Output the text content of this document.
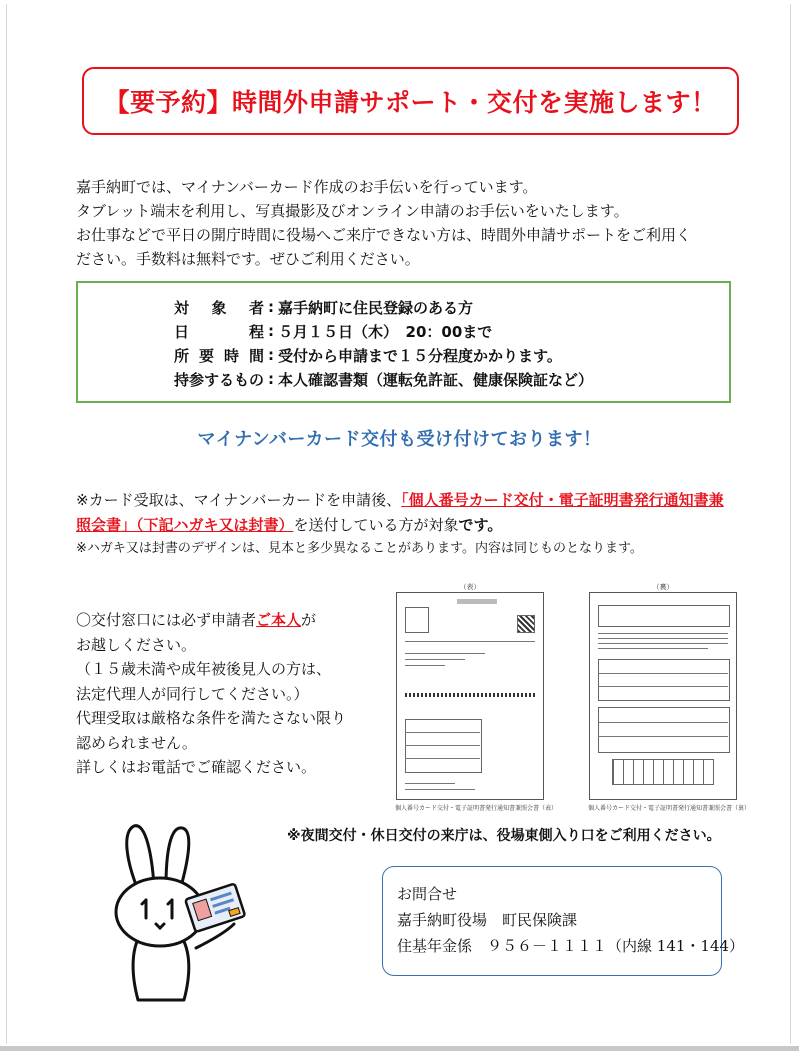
【要予約】時間外申請サポート・交付を実施します！
嘉手納町では、マイナンバーカード作成のお手伝いを行っています。
タブレット端末を利用し、写真撮影及びオンライン申請のお手伝いをいたします。
お仕事などで平日の開庁時間に役場へご来庁できない方は、時間外申請サポートをご利用く
ださい。手数料は無料です。ぜひご利用ください。
対象者	:	嘉手納町に住民登録のある方
日程	:	５月１５日（木）　20：00まで
所要時間	:	受付から申請まで１５分程度かかります。
持参するもの	:	本人確認書類（運転免許証、健康保険証など）
マイナンバーカード交付も受け付けております！
※カード受取は、マイナンバーカードを申請後、「個人番号カード交付・電子証明書発行通知書兼照会書」（下記ハガキ又は封書）を送付している方が対象です。
※ハガキ又は封書のデザインは、見本と多少異なることがあります。内容は同じものとなります。
〇交付窓口には必ず申請者ご本人が
お越しください。
（１５歳未満や成年被後見人の方は、
法定代理人が同行してください。）
代理受取は厳格な条件を満たさない限り
認められません。
詳しくはお電話でご確認ください。
（表）
個人番号カード交付・電子証明書発行通知書兼照会書（表）
（裏）
個人番号カード交付・電子証明書発行通知書兼照会書（裏）
※夜間交付・休日交付の来庁は、役場東側入り口をご利用ください。
お問合せ
嘉手納町役場　町民保険課
住基年金係　９５６－１１１１（内線 141・144）
